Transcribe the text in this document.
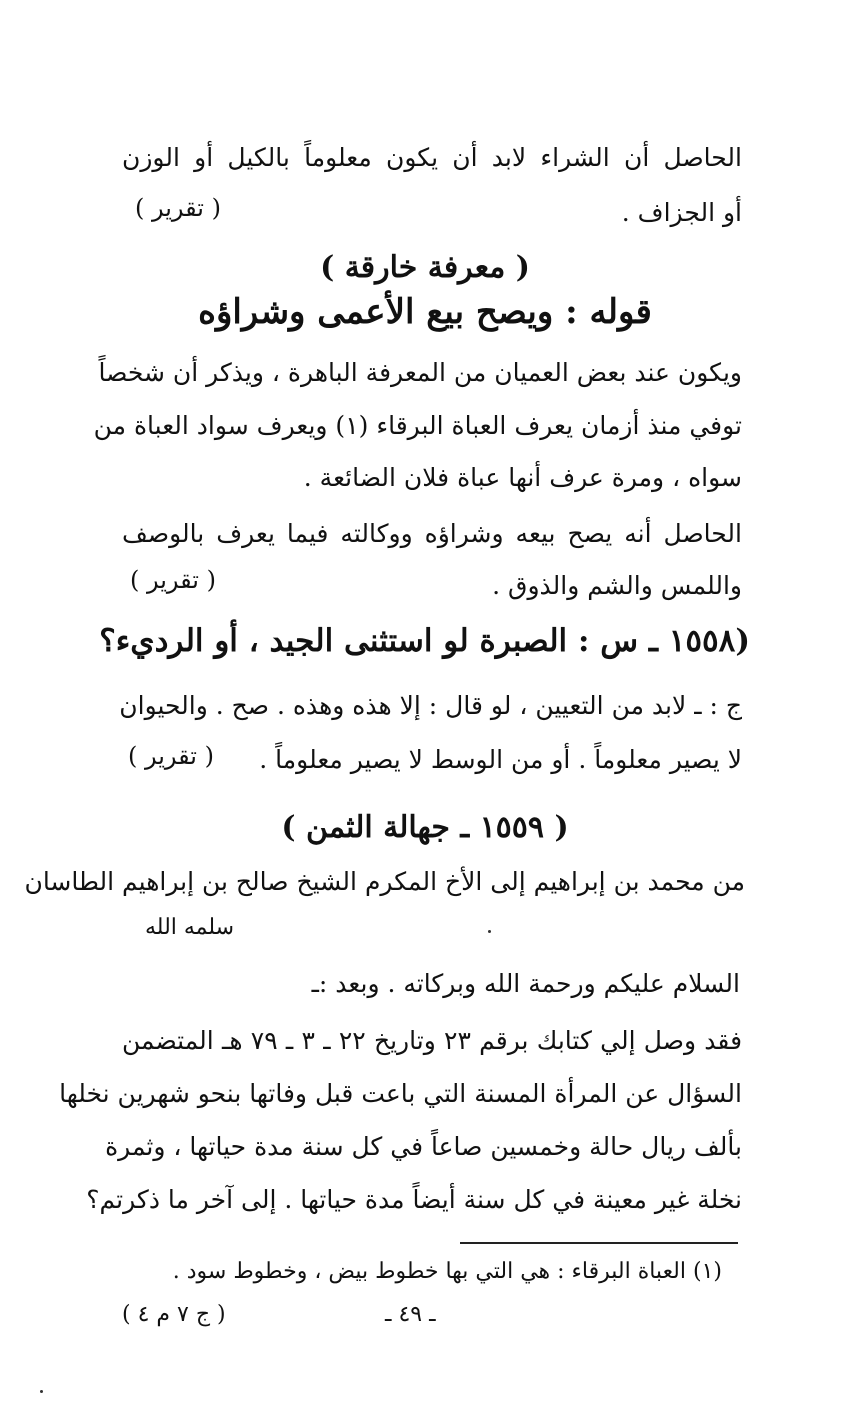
الحاصل أن الشراء لابد أن يكون معلوماً بالكيل أو الوزن
أو الجزاف .
( تقرير )
( معرفة خارقة )
قوله : ويصح بيع الأعمى وشراؤه
ويكون عند بعض العميان من المعرفة الباهرة ، ويذكر أن شخصاً
توفي منذ أزمان يعرف العباة البرقاء (١) ويعرف سواد العباة من
سواه ، ومرة عرف أنها عباة فلان الضائعة .
الحاصل أنه يصح بيعه وشراؤه ووكالته فيما يعرف بالوصف
واللمس والشم والذوق .
( تقرير )
(١٥٥٨ ـ س : الصبرة لو استثنى الجيد ، أو الرديء؟
ج : ـ لابد من التعيين ، لو قال : إلا هذه وهذه . صح . والحيوان
لا يصير معلوماً . أو من الوسط لا يصير معلوماً .
( تقرير )
( ١٥٥٩ ـ جهالة الثمن )
من محمد بن إبراهيم إلى الأخ المكرم الشيخ صالح بن إبراهيم الطاسان
سلمه الله
السلام عليكم ورحمة الله وبركاته . وبعد :ـ
فقد وصل إلي كتابك برقم ٢٣ وتاريخ ٢٢ ـ ٣ ـ ٧٩ هـ المتضمن
السؤال عن المرأة المسنة التي باعت قبل وفاتها بنحو شهرين نخلها
بألف ريال حالة وخمسين صاعاً في كل سنة مدة حياتها ، وثمرة
نخلة غير معينة في كل سنة أيضاً مدة حياتها . إلى آخر ما ذكرتم؟
(١) العباة البرقاء : هي التي بها خطوط بيض ، وخطوط سود .
ـ ٤٩ ـ
( ج ٧ م ٤ )
